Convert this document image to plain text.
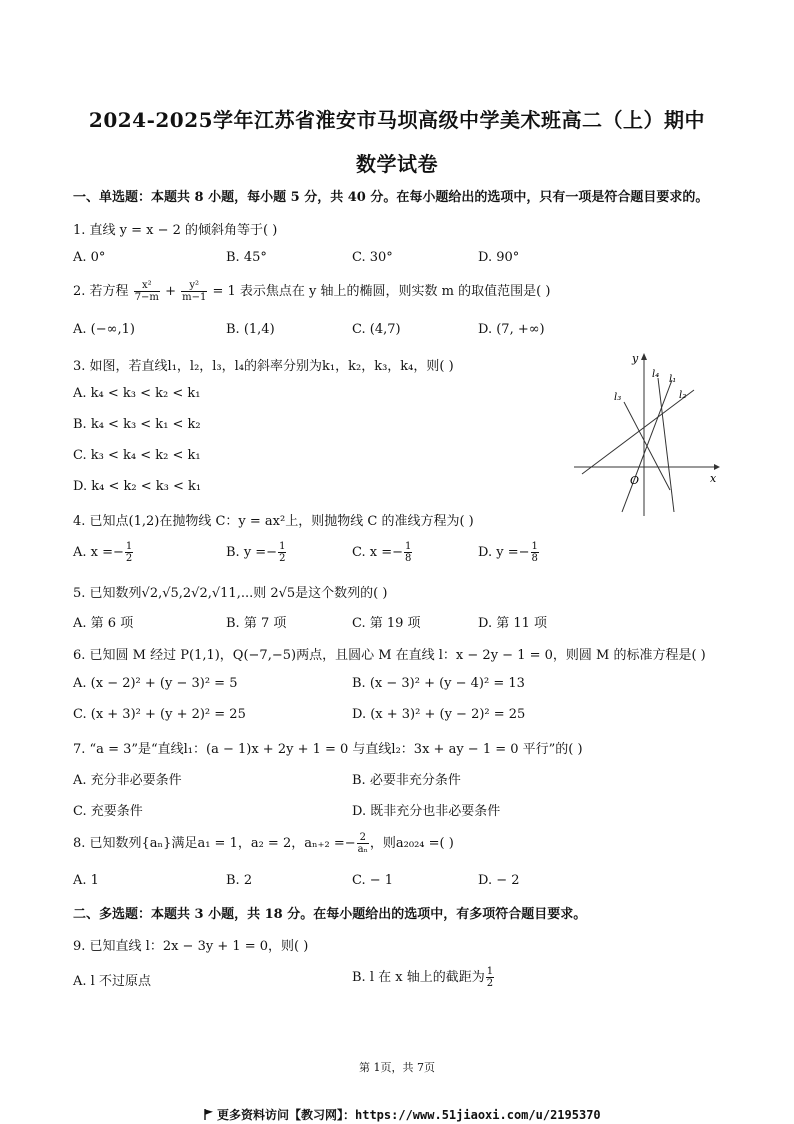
2024-2025学年江苏省淮安市马坝高级中学美术班高二（上）期中
数学试卷
一、单选题：本题共 8 小题，每小题 5 分，共 40 分。在每小题给出的选项中，只有一项是符合题目要求的。
1. 直线 y = x − 2 的倾斜角等于( )
A. 0°	B. 45°	C. 30°	D. 90°
2. 若方程 $\frac{\text{x²}}{7-m} + \frac{\text{y²}}{m-1} = 1$ 表示焦点在 y 轴上的椭圆，则实数 m 的取值范围是( )
A. (−∞,1)	B. (1,4)	C. (4,7)	D. (7, +∞)
3. 如图，若直线l₁，l₂，l₃，l₄的斜率分别为k₁，k₂，k₃，k₄，则( )
A. k₄ < k₃ < k₂ < k₁
B. k₄ < k₃ < k₁ < k₂
C. k₃ < k₄ < k₂ < k₁
D. k₄ < k₂ < k₃ < k₁
y
x
O
l₁
l₂
l₃
l₄
4. 已知点(1,2)在抛物线 C：y = ax²上，则抛物线 C 的准线方程为( )
A. $x =- \frac{1}{2}$	B. $y =- \frac{1}{2}$	C. $x =- \frac{1}{8}$	D. $y =- \frac{1}{8}$
5. 已知数列√2,√5,2√2,√11,...则 2√5是这个数列的( )
A. 第 6 项	B. 第 7 项	C. 第 19 项	D. 第 11 项
6. 已知圆 M 经过 P(1,1)，Q(−7,−5)两点，且圆心 M 在直线 l：x − 2y − 1 = 0，则圆 M 的标准方程是( )
A. (x − 2)² + (y − 3)² = 5	B. (x − 3)² + (y − 4)² = 13
C. (x + 3)² + (y + 2)² = 25	D. (x + 3)² + (y − 2)² = 25
7. “a = 3”是“直线l₁：(a − 1)x + 2y + 1 = 0 与直线l₂：3x + ay − 1 = 0 平行”的( )
A. 充分非必要条件	B. 必要非充分条件
C. 充要条件	D. 既非充分也非必要条件
8. 已知数列{aₙ}满足a₁ = 1，a₂ = 2，$a_{n+2} =- \frac{2}{\text{aₙ}}$ ，则a₂₀₂₄ =( )
A. 1	B. 2	C. − 1	D. − 2
二、多选题：本题共 3 小题，共 18 分。在每小题给出的选项中，有多项符合题目要求。
9. 已知直线 l：2x − 3y + 1 = 0，则( )
A. l 不过原点	B. l 在 x 轴上的截距为 $\frac{1}{2}$
第 1页，共 7页
更多资料访问【教习网】：https://www.51jiaoxi.com/u/2195370
